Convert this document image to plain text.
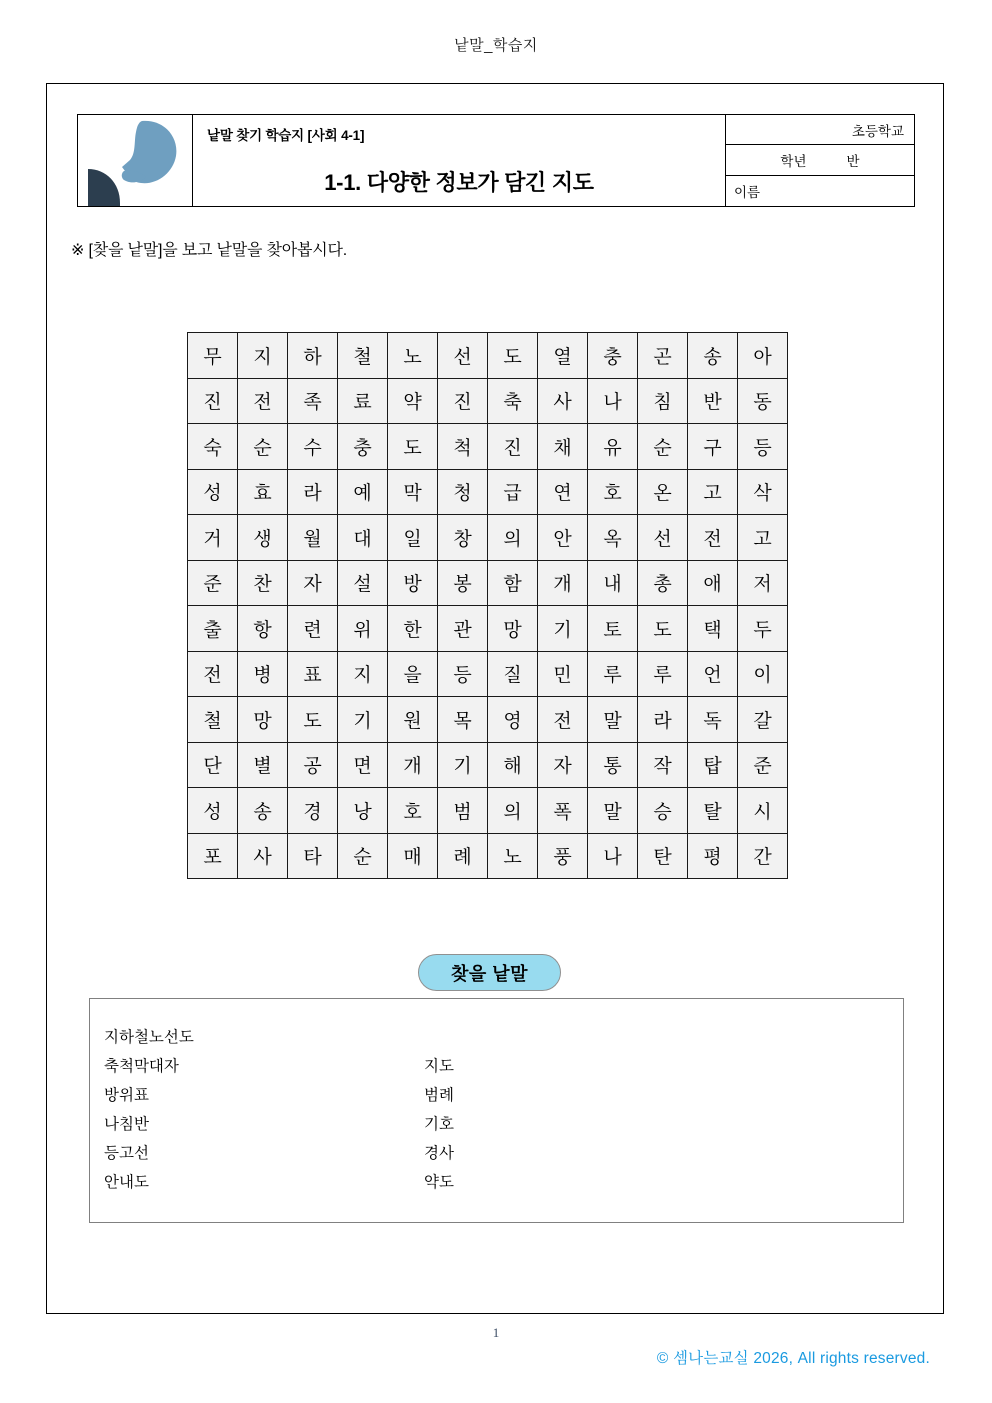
낱말_학습지
낱말 찾기 학습지 [사회 4-1]
1-1. 다양한 정보가 담긴 지도
초등학교
학년	반
이름
※ [찾을 낱말]을 보고 낱말을 찾아봅시다.
무	지	하	철	노	선	도	열	충	곤	송	아
진	전	족	료	약	진	축	사	나	침	반	동
숙	순	수	충	도	척	진	채	유	순	구	등
성	효	라	예	막	청	급	연	호	온	고	삭
거	생	월	대	일	창	의	안	옥	선	전	고
준	찬	자	설	방	봉	함	개	내	총	애	저
출	항	련	위	한	관	망	기	토	도	택	두
전	병	표	지	을	등	질	민	루	루	언	이
철	망	도	기	원	목	영	전	말	라	독	갈
단	별	공	면	개	기	해	자	통	작	탑	준
성	송	경	낭	호	범	의	폭	말	승	탈	시
포	사	타	순	매	례	노	풍	나	탄	평	간
찾을 낱말
지하철노선도
축척막대자	지도
방위표	범례
나침반	기호
등고선	경사
안내도	약도
1
© 셈나는교실 2026, All rights reserved.
